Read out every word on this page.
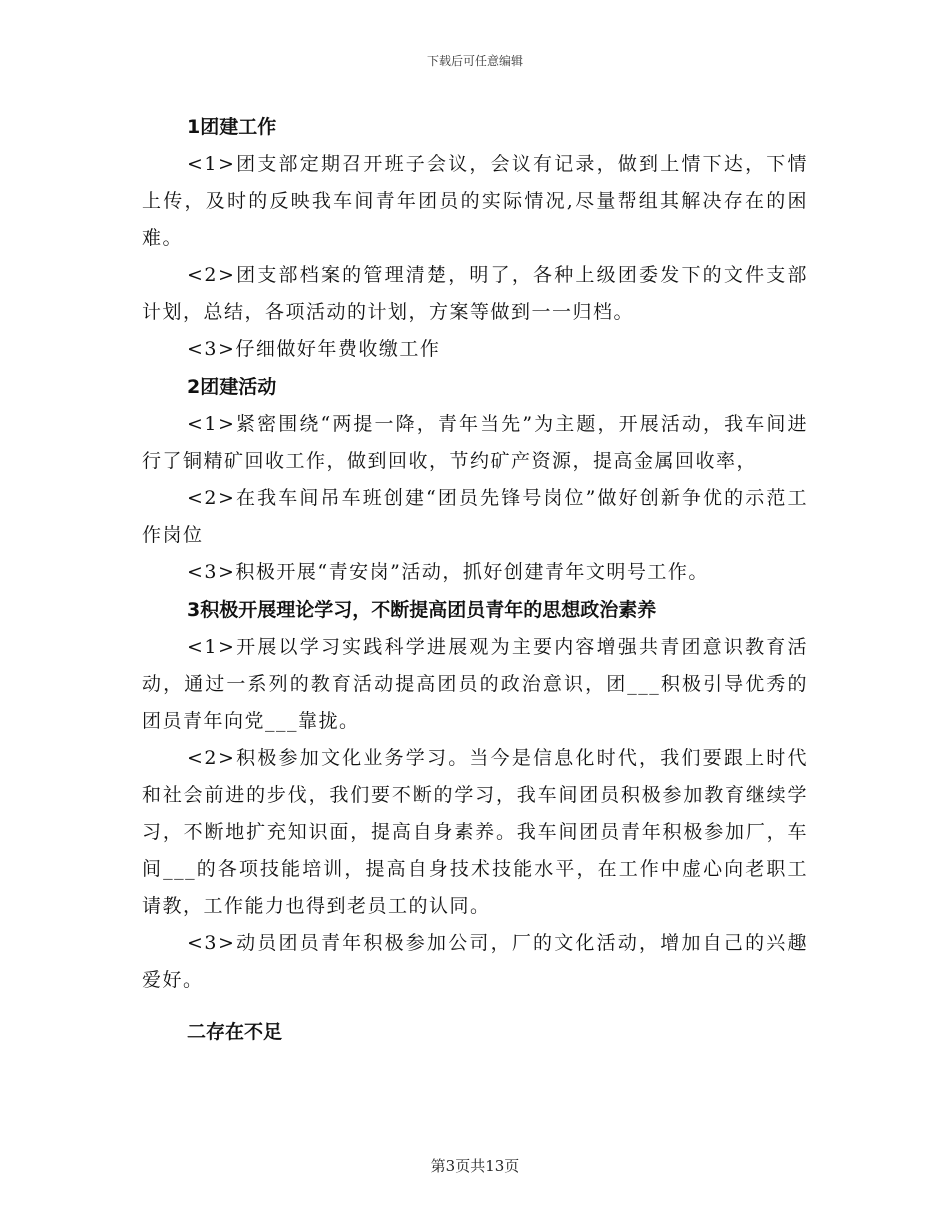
下载后可任意编辑
1团建工作
<1>团支部定期召开班子会议，会议有记录，做到上情下达，下情上传，及时的反映我车间青年团员的实际情况,尽量帮组其解决存在的困难。
<2>团支部档案的管理清楚，明了，各种上级团委发下的文件支部计划，总结，各项活动的计划，方案等做到一一归档。
<3>仔细做好年费收缴工作
2团建活动
<1>紧密围绕“两提一降，青年当先”为主题，开展活动，我车间进行了铜精矿回收工作，做到回收，节约矿产资源，提高金属回收率，
<2>在我车间吊车班创建“团员先锋号岗位”做好创新争优的示范工作岗位
<3>积极开展“青安岗”活动，抓好创建青年文明号工作。
3积极开展理论学习，不断提高团员青年的思想政治素养
<1>开展以学习实践科学进展观为主要内容增强共青团意识教育活动，通过一系列的教育活动提高团员的政治意识，团___积极引导优秀的团员青年向党___靠拢。
<2>积极参加文化业务学习。当今是信息化时代，我们要跟上时代和社会前进的步伐，我们要不断的学习，我车间团员积极参加教育继续学习，不断地扩充知识面，提高自身素养。我车间团员青年积极参加厂，车间___的各项技能培训，提高自身技术技能水平，在工作中虚心向老职工请教，工作能力也得到老员工的认同。
<3>动员团员青年积极参加公司，厂的文化活动，增加自己的兴趣爱好。
二存在不足
第3页共13页
